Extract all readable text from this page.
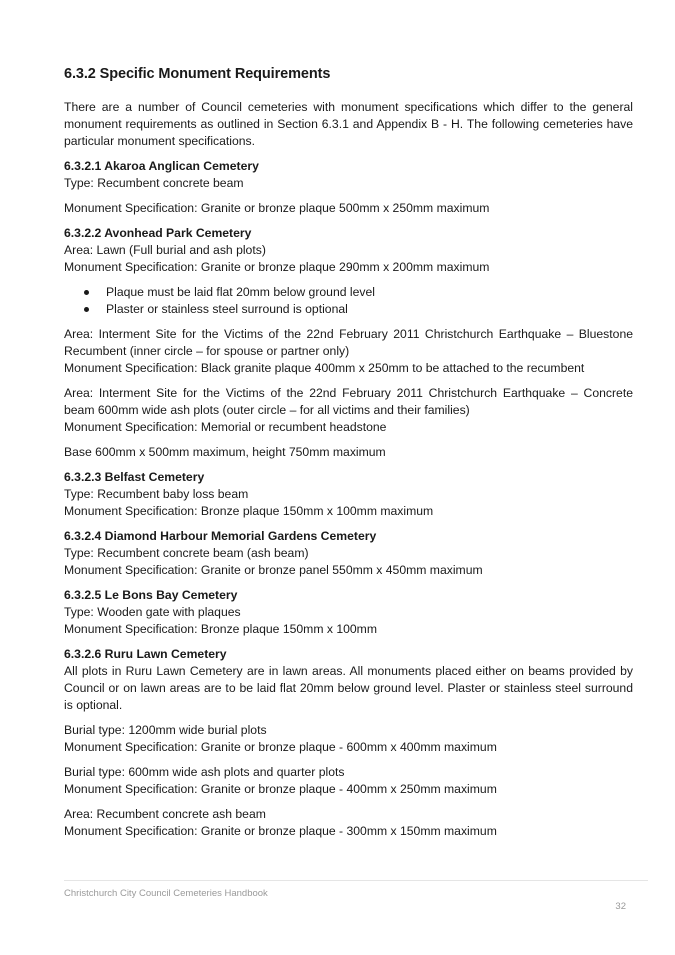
6.3.2 Specific Monument Requirements
There are a number of Council cemeteries with monument specifications which differ to the general monument requirements as outlined in Section 6.3.1 and Appendix B - H. The following cemeteries have particular monument specifications.
6.3.2.1 Akaroa Anglican Cemetery
Type: Recumbent concrete beam
Monument Specification: Granite or bronze plaque 500mm x 250mm maximum
6.3.2.2 Avonhead Park Cemetery
Area: Lawn (Full burial and ash plots)
Monument Specification: Granite or bronze plaque 290mm x 200mm maximum
Plaque must be laid flat 20mm below ground level
Plaster or stainless steel surround is optional
Area: Interment Site for the Victims of the 22nd February 2011 Christchurch Earthquake – Bluestone Recumbent (inner circle – for spouse or partner only)
Monument Specification: Black granite plaque 400mm x 250mm to be attached to the recumbent
Area: Interment Site for the Victims of the 22nd February 2011 Christchurch Earthquake – Concrete beam 600mm wide ash plots (outer circle – for all victims and their families)
Monument Specification: Memorial or recumbent headstone
Base 600mm x 500mm maximum, height 750mm maximum
6.3.2.3 Belfast Cemetery
Type: Recumbent baby loss beam
Monument Specification: Bronze plaque 150mm x 100mm maximum
6.3.2.4 Diamond Harbour Memorial Gardens Cemetery
Type: Recumbent concrete beam (ash beam)
Monument Specification: Granite or bronze panel 550mm x 450mm maximum
6.3.2.5 Le Bons Bay Cemetery
Type: Wooden gate with plaques
Monument Specification: Bronze plaque 150mm x 100mm
6.3.2.6 Ruru Lawn Cemetery
All plots in Ruru Lawn Cemetery are in lawn areas. All monuments placed either on beams provided by Council or on lawn areas are to be laid flat 20mm below ground level. Plaster or stainless steel surround is optional.
Burial type: 1200mm wide burial plots
Monument Specification: Granite or bronze plaque - 600mm x 400mm maximum
Burial type: 600mm wide ash plots and quarter plots
Monument Specification: Granite or bronze plaque - 400mm x 250mm maximum
Area: Recumbent concrete ash beam
Monument Specification: Granite or bronze plaque - 300mm x 150mm maximum
Christchurch City Council Cemeteries Handbook
32
